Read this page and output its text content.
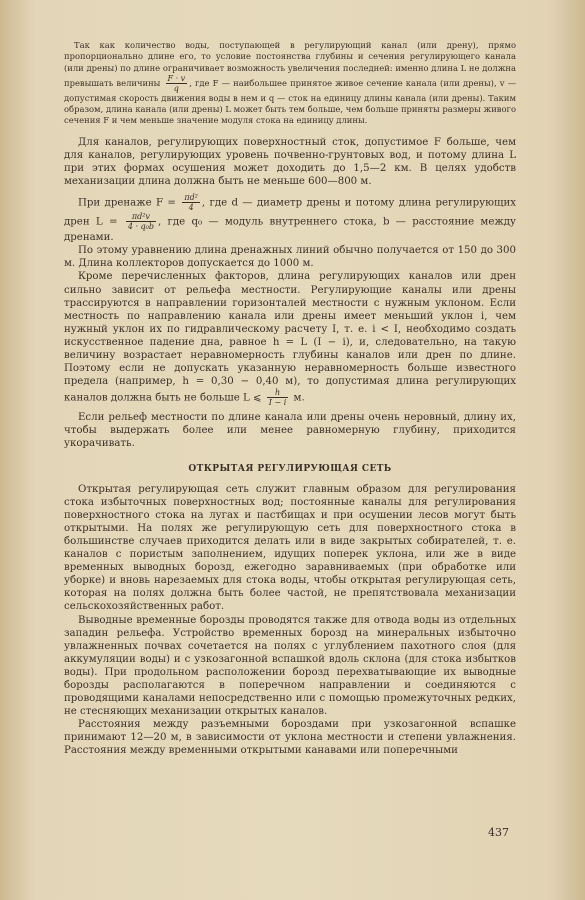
Так как количество воды, поступающей в регулирующий канал (или дрену), прямо пропорционально длине его, то условие постоянства глубины и сечения регулирующего канала (или дрены) по длине ограничивает возможность увеличения последней: именно длина L не должна превышать величины $\frac{F \cdot v}{q}$ , где F — наибольшее принятое живое сечение канала (или дрены), v — допустимая скорость движения воды в нем и q — сток на единицу длины канала (или дрены). Таким образом, длина канала (или дрены) L может быть тем больше, чем больше приняты размеры живого сечения F и чем меньше значение модуля стока на единицу длины.

Для каналов, регулирующих поверхностный сток, допустимое F больше, чем для каналов, регулирующих уровень почвенно-грунтовых вод, и потому длина L при этих формах осушения может доходить до 1,5—2 км. В целях удобств механизации длина должна быть не меньше 600—800 м.

При дренаже $F = \frac{\text{πd²}}{4}$ , где d — диаметр дрены и потому длина регулирующих дрен $L = \frac{\text{πd²v}}{\text{4 · q₀b}}$ , где q₀ — модуль внутреннего стока, b — расстояние между дренами.

По этому уравнению длина дренажных линий обычно получается от 150 до 300 м. Длина коллекторов допускается до 1000 м.

Кроме перечисленных факторов, длина регулирующих каналов или дрен сильно зависит от рельефа местности. Регулирующие каналы или дрены трассируются в направлении горизонталей местности с нужным уклоном. Если местность по направлению канала или дрены имеет меньший уклон i, чем нужный уклон их по гидравлическому расчету I, т. е. i < I, необходимо создать искусственное падение дна, равное h = L (I − i), и, следовательно, на такую величину возрастает неравномерность глубины каналов или дрен по длине. Поэтому если не допускать указанную неравномерность больше известного предела (например, h = 0,30 − 0,40 м), то допустимая длина регулирующих каналов должна быть не больше L ⩽ $\frac{h}{I - i} м$.

Если рельеф местности по длине канала или дрены очень неровный, длину их, чтобы выдержать более или менее равномерную глубину, приходится укорачивать.

ОТКРЫТАЯ РЕГУЛИРУЮЩАЯ СЕТЬ

Открытая регулирующая сеть служит главным образом для регулирования стока избыточных поверхностных вод; постоянные каналы для регулирования поверхностного стока на лугах и пастбищах и при осушении лесов могут быть открытыми. На полях же регулирующую сеть для поверхностного стока в большинстве случаев приходится делать или в виде закрытых собирателей, т. е. каналов с пористым заполнением, идущих поперек уклона, или же в виде временных выводных борозд, ежегодно заравниваемых (при обработке или уборке) и вновь нарезаемых для стока воды, чтобы открытая регулирующая сеть, которая на полях должна быть более частой, не препятствовала механизации сельскохозяйственных работ.

Выводные временные борозды проводятся также для отвода воды из отдельных западин рельефа. Устройство временных борозд на минеральных избыточно увлажненных почвах сочетается на полях с углублением пахотного слоя (для аккумуляции воды) и с узкозагонной вспашкой вдоль склона (для стока избытков воды). При продольном расположении борозд перехватывающие их выводные борозды располагаются в поперечном направлении и соединяются с проводящими каналами непосредственно или с помощью промежуточных редких, не стесняющих механизации открытых каналов.

Расстояния между разъемными бороздами при узкозагонной вспашке принимают 12—20 м, в зависимости от уклона местности и степени увлажнения. Расстояния между временными открытыми канавами или поперечными

437
